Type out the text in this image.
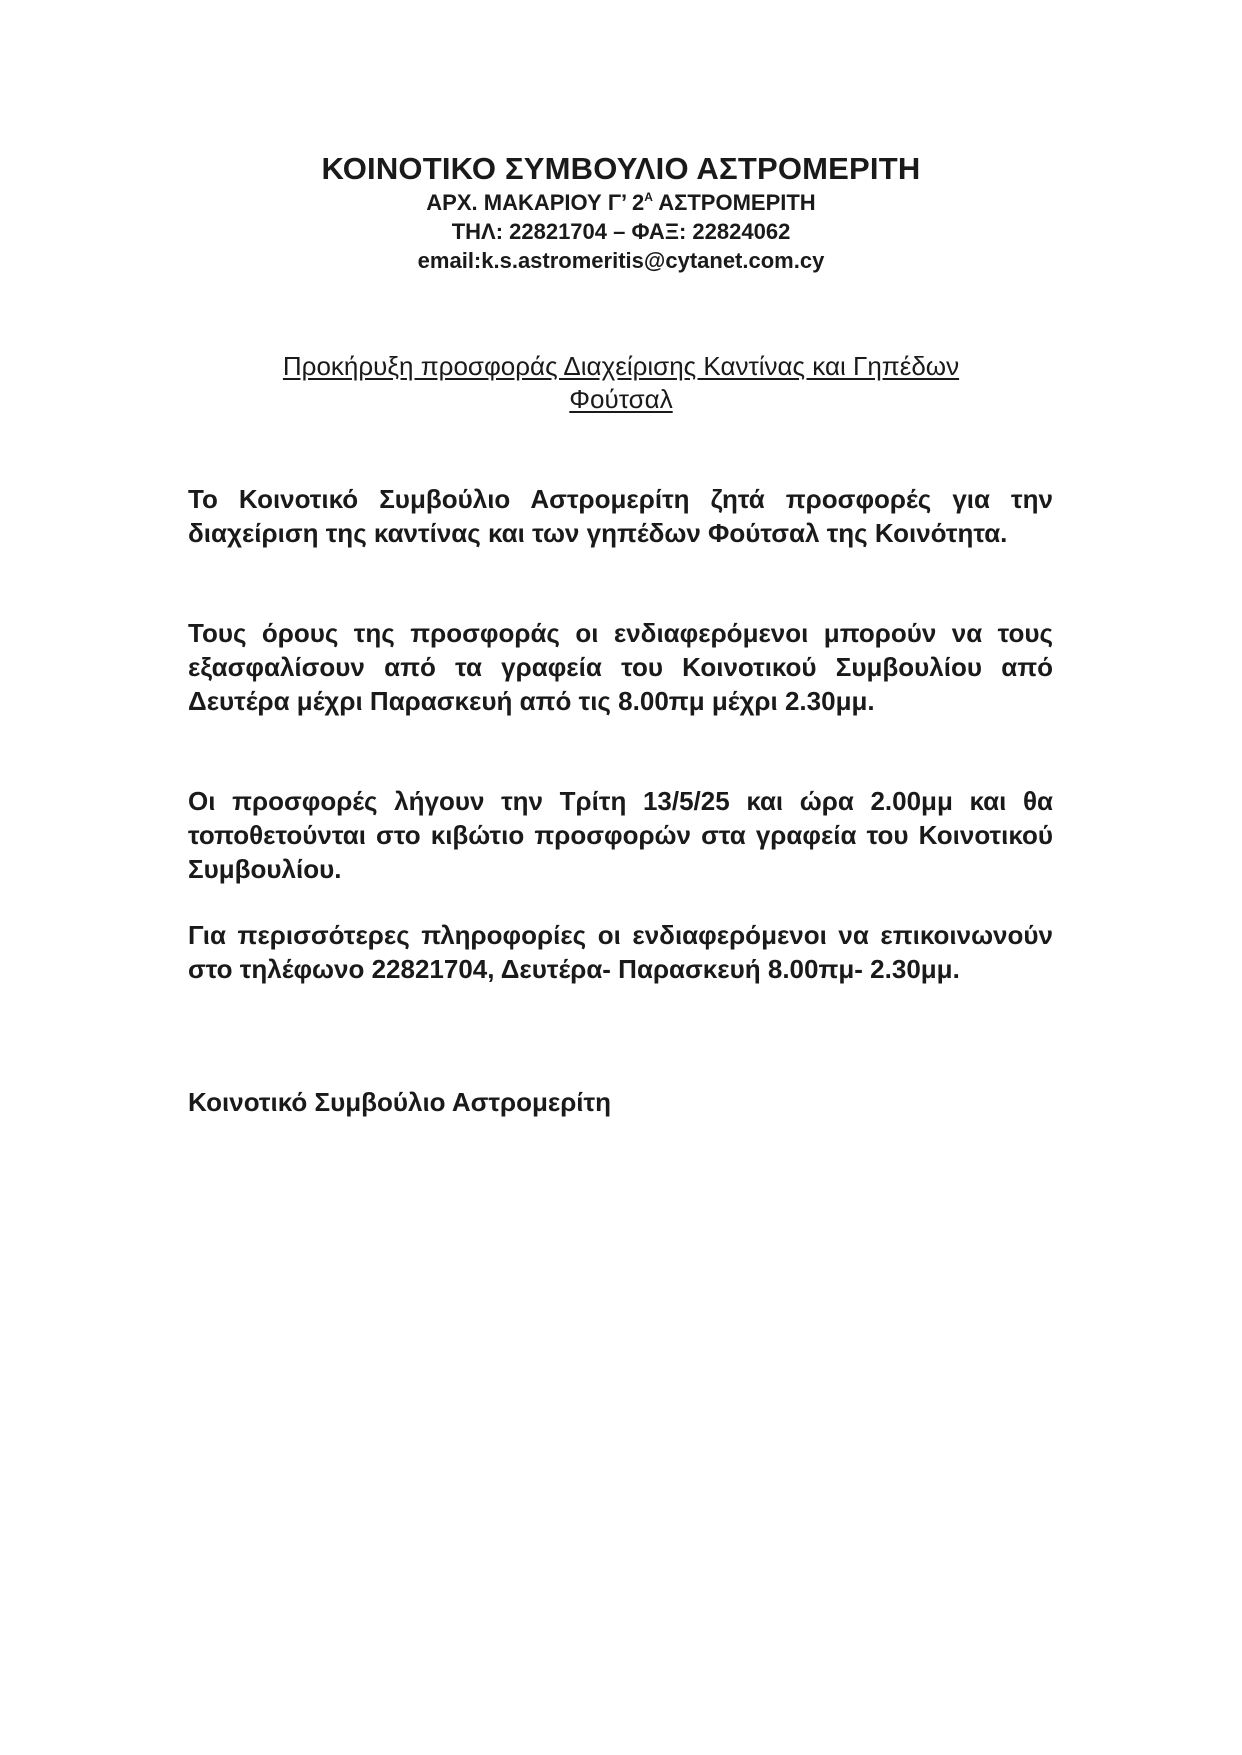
ΚΟΙΝΟΤΙΚΟ ΣΥΜΒΟΥΛΙΟ ΑΣΤΡΟΜΕΡΙΤΗ

ΑΡΧ. ΜΑΚΑΡΙΟΥ Γ’ $2^A$ ΑΣΤΡΟΜΕΡΙΤΗ

ΤΗΛ: 22821704 – ΦΑΞ: 22824062

email:k.s.astromeritis@cytanet.com.cy

Προκήρυξη προσφοράς Διαχείρισης Καντίνας και Γηπέδων
Φούτσαλ

Το Κοινοτικό Συμβούλιο Αστρομερίτη ζητά προσφορές για την διαχείριση της καντίνας και των γηπέδων Φούτσαλ της Κοινότητα.

Τους όρους της προσφοράς οι ενδιαφερόμενοι μπορούν να τους εξασφαλίσουν από τα γραφεία του Κοινοτικού Συμβουλίου από Δευτέρα μέχρι Παρασκευή από τις 8.00πμ μέχρι 2.30μμ.

Οι προσφορές λήγουν την Τρίτη 13/5/25 και ώρα 2.00μμ και θα τοποθετούνται στο κιβώτιο προσφορών στα γραφεία του Κοινοτικού Συμβουλίου.

Για περισσότερες πληροφορίες οι ενδιαφερόμενοι να επικοινωνούν στο τηλέφωνο 22821704, Δευτέρα- Παρασκευή 8.00πμ- 2.30μμ.

Κοινοτικό Συμβούλιο Αστρομερίτη
